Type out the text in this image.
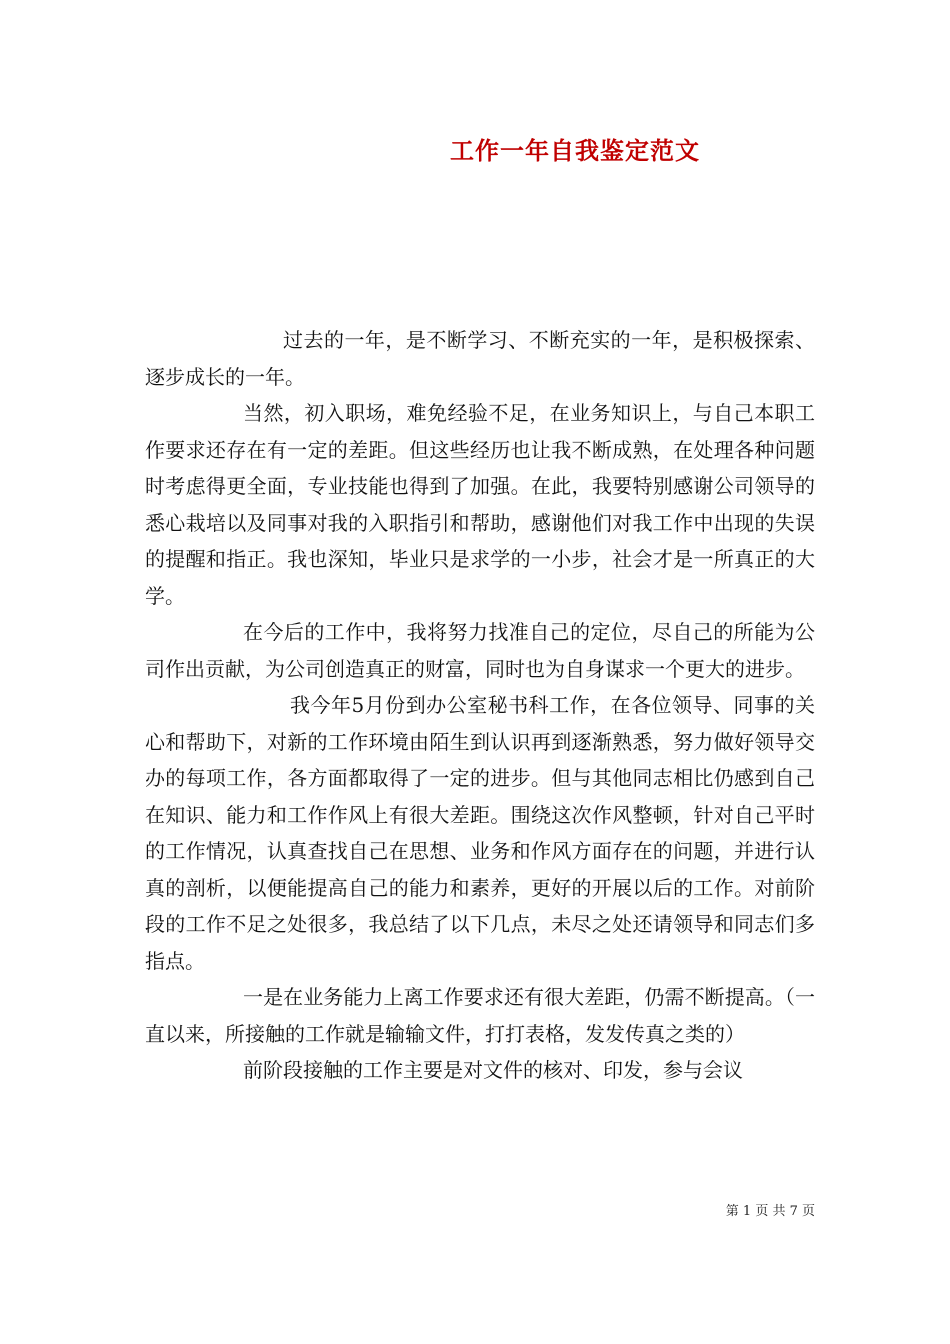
工作一年自我鉴定范文

过去的一年，是不断学习、不断充实的一年，是积极探索、逐步成长的一年。

当然，初入职场，难免经验不足，在业务知识上，与自己本职工作要求还存在有一定的差距。但这些经历也让我不断成熟，在处理各种问题时考虑得更全面，专业技能也得到了加强。在此，我要特别感谢公司领导的悉心栽培以及同事对我的入职指引和帮助，感谢他们对我工作中出现的失误的提醒和指正。我也深知，毕业只是求学的一小步，社会才是一所真正的大学。

在今后的工作中，我将努力找准自己的定位，尽自己的所能为公司作出贡献，为公司创造真正的财富，同时也为自身谋求一个更大的进步。

我今年5月份到办公室秘书科工作，在各位领导、同事的关心和帮助下，对新的工作环境由陌生到认识再到逐渐熟悉，努力做好领导交办的每项工作，各方面都取得了一定的进步。但与其他同志相比仍感到自己在知识、能力和工作作风上有很大差距。围绕这次作风整顿，针对自己平时的工作情况，认真查找自己在思想、业务和作风方面存在的问题，并进行认真的剖析，以便能提高自己的能力和素养，更好的开展以后的工作。对前阶段的工作不足之处很多，我总结了以下几点，未尽之处还请领导和同志们多指点。

一是在业务能力上离工作要求还有很大差距，仍需不断提高。（一直以来，所接触的工作就是输输文件，打打表格，发发传真之类的）

前阶段接触的工作主要是对文件的核对、印发，参与会议

第 1 页 共 7 页
